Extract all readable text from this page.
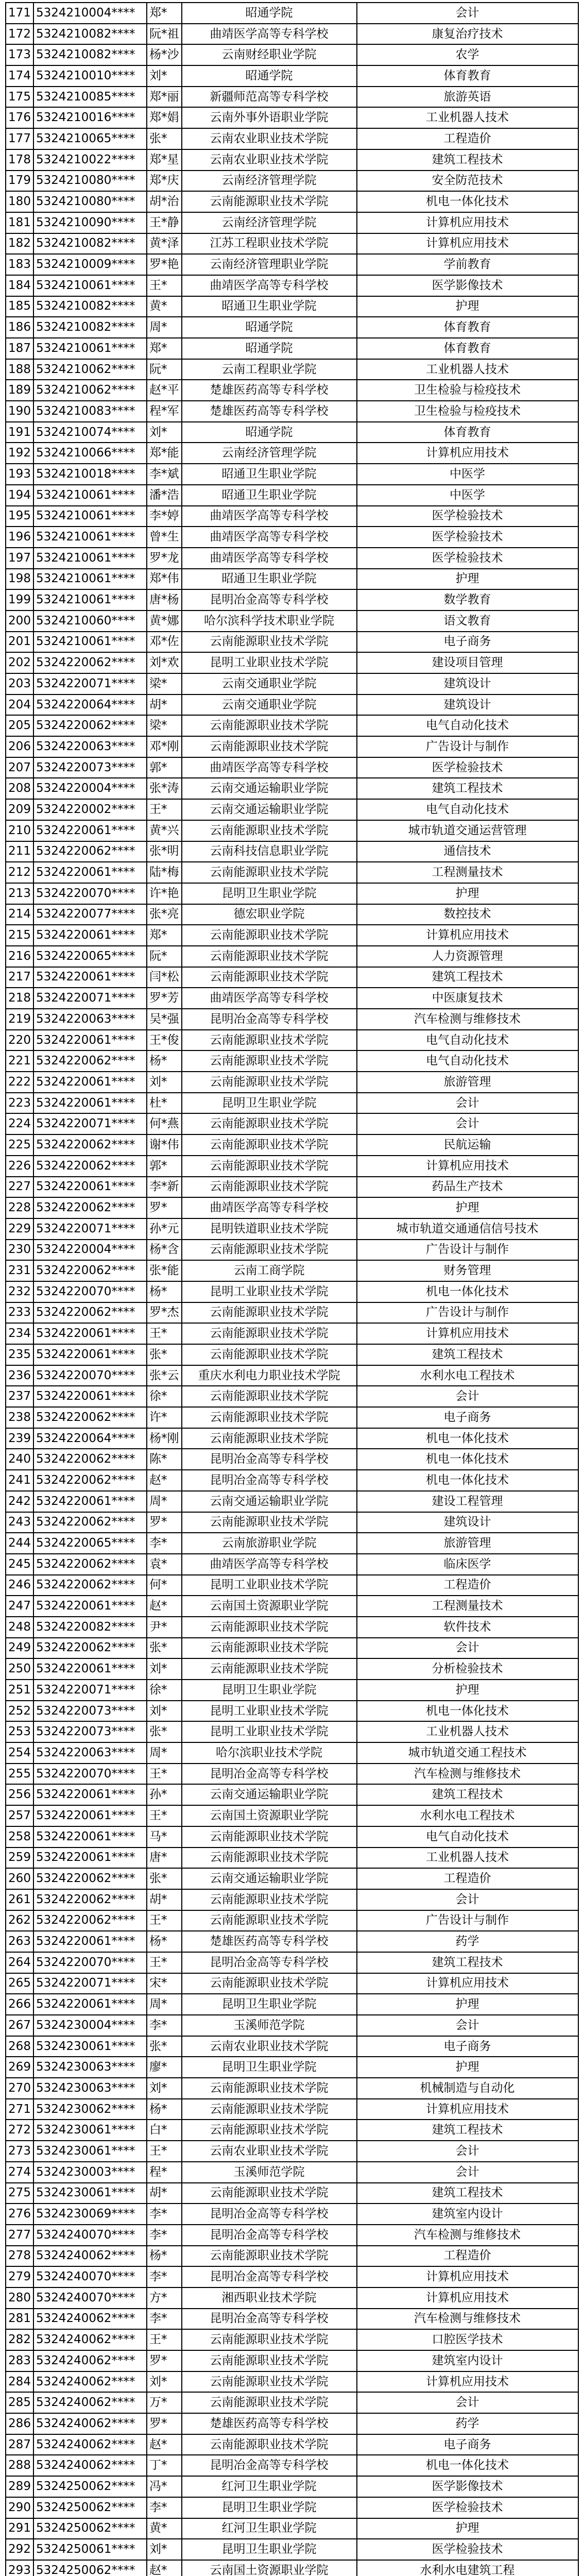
171	5324210004****	郑*	昭通学院	会计
172	5324210082****	阮*祖	曲靖医学高等专科学校	康复治疗技术
173	5324210082****	杨*沙	云南财经职业学院	农学
174	5324210010****	刘*	昭通学院	体育教育
175	5324210085****	郑*丽	新疆师范高等专科学校	旅游英语
176	5324210016****	郑*娟	云南外事外语职业学院	工业机器人技术
177	5324210065****	张*	云南农业职业技术学院	工程造价
178	5324210022****	郑*星	云南农业职业技术学院	建筑工程技术
179	5324210080****	郑*庆	云南经济管理学院	安全防范技术
180	5324210080****	胡*治	云南能源职业技术学院	机电一体化技术
181	5324210090****	王*静	云南经济管理学院	计算机应用技术
182	5324210082****	黄*泽	江苏工程职业技术学院	计算机应用技术
183	5324210009****	罗*艳	云南经济管理职业学院	学前教育
184	5324210061****	王*	曲靖医学高等专科学校	医学影像技术
185	5324210082****	黄*	昭通卫生职业学院	护理
186	5324210082****	周*	昭通学院	体育教育
187	5324210061****	郑*	昭通学院	体育教育
188	5324210062****	阮*	云南工程职业学院	工业机器人技术
189	5324210062****	赵*平	楚雄医药高等专科学校	卫生检验与检疫技术
190	5324210083****	程*军	楚雄医药高等专科学校	卫生检验与检疫技术
191	5324210074****	刘*	昭通学院	体育教育
192	5324210066****	郑*能	云南经济管理学院	计算机应用技术
193	5324210018****	李*斌	昭通卫生职业学院	中医学
194	5324210061****	潘*浩	昭通卫生职业学院	中医学
195	5324210061****	李*婷	曲靖医学高等专科学校	医学检验技术
196	5324210061****	曾*生	曲靖医学高等专科学校	医学检验技术
197	5324210061****	罗*龙	曲靖医学高等专科学校	医学检验技术
198	5324210061****	郑*伟	昭通卫生职业学院	护理
199	5324210061****	唐*杨	昆明冶金高等专科学校	数学教育
200	5324210060****	黄*娜	哈尔滨科学技术职业学院	语文教育
201	5324210061****	邓*佐	云南能源职业技术学院	电子商务
202	5324220062****	刘*欢	昆明工业职业技术学院	建设项目管理
203	5324220071****	梁*	云南交通职业学院	建筑设计
204	5324220064****	胡*	云南交通职业学院	建筑设计
205	5324220062****	梁*	云南能源职业技术学院	电气自动化技术
206	5324220063****	邓*刚	云南能源职业技术学院	广告设计与制作
207	5324220073****	郭*	曲靖医学高等专科学校	医学检验技术
208	5324220004****	张*涛	云南交通运输职业学院	建筑工程技术
209	5324220002****	王*	云南交通运输职业学院	电气自动化技术
210	5324220061****	黄*兴	云南能源职业技术学院	城市轨道交通运营管理
211	5324220062****	张*明	云南科技信息职业学院	通信技术
212	5324220061****	陆*梅	云南能源职业技术学院	工程测量技术
213	5324220070****	许*艳	昆明卫生职业学院	护理
214	5324220077****	张*亮	德宏职业学院	数控技术
215	5324220061****	郑*	云南能源职业技术学院	计算机应用技术
216	5324220065****	阮*	云南能源职业技术学院	人力资源管理
217	5324220061****	闫*松	云南能源职业技术学院	建筑工程技术
218	5324220071****	罗*芳	曲靖医学高等专科学校	中医康复技术
219	5324220063****	吴*强	昆明冶金高等专科学校	汽车检测与维修技术
220	5324220061****	王*俊	云南能源职业技术学院	电气自动化技术
221	5324220062****	杨*	云南能源职业技术学院	电气自动化技术
222	5324220061****	刘*	云南能源职业技术学院	旅游管理
223	5324220061****	杜*	昆明卫生职业学院	会计
224	5324220071****	何*燕	云南能源职业技术学院	会计
225	5324220062****	谢*伟	云南能源职业技术学院	民航运输
226	5324220062****	郭*	云南能源职业技术学院	计算机应用技术
227	5324220061****	李*新	云南能源职业技术学院	药品生产技术
228	5324220062****	罗*	曲靖医学高等专科学校	护理
229	5324220071****	孙*元	昆明铁道职业技术学院	城市轨道交通通信信号技术
230	5324220004****	杨*含	云南能源职业技术学院	广告设计与制作
231	5324220062****	张*能	云南工商学院	财务管理
232	5324220070****	杨*	昆明工业职业技术学院	机电一体化技术
233	5324220062****	罗*杰	云南能源职业技术学院	广告设计与制作
234	5324220061****	王*	云南能源职业技术学院	计算机应用技术
235	5324220061****	张*	云南能源职业技术学院	建筑工程技术
236	5324220070****	张*云	重庆水利电力职业技术学院	水利水电工程技术
237	5324220061****	徐*	云南能源职业技术学院	会计
238	5324220062****	许*	云南能源职业技术学院	电子商务
239	5324220064****	杨*刚	云南能源职业技术学院	机电一体化技术
240	5324220062****	陈*	昆明冶金高等专科学校	机电一体化技术
241	5324220062****	赵*	昆明冶金高等专科学校	机电一体化技术
242	5324220061****	周*	云南交通运输职业学院	建设工程管理
243	5324220062****	罗*	云南能源职业技术学院	建筑设计
244	5324220065****	李*	云南旅游职业学院	旅游管理
245	5324220062****	袁*	曲靖医学高等专科学校	临床医学
246	5324220062****	何*	昆明工业职业技术学院	工程造价
247	5324220061****	赵*	云南国土资源职业学院	工程测量技术
248	5324220082****	尹*	云南能源职业技术学院	软件技术
249	5324220062****	张*	云南能源职业技术学院	会计
250	5324220061****	刘*	云南能源职业技术学院	分析检验技术
251	5324220071****	徐*	昆明卫生职业学院	护理
252	5324220073****	刘*	昆明工业职业技术学院	机电一体化技术
253	5324220073****	张*	昆明工业职业技术学院	工业机器人技术
254	5324220063****	周*	哈尔滨职业技术学院	城市轨道交通工程技术
255	5324220070****	王*	昆明冶金高等专科学校	汽车检测与维修技术
256	5324220061****	孙*	云南交通运输职业学院	建筑工程技术
257	5324220061****	王*	云南国土资源职业学院	水利水电工程技术
258	5324220061****	马*	云南能源职业技术学院	电气自动化技术
259	5324220061****	唐*	云南能源职业技术学院	工业机器人技术
260	5324220062****	张*	云南交通运输职业学院	工程造价
261	5324220062****	胡*	云南能源职业技术学院	会计
262	5324220062****	王*	云南能源职业技术学院	广告设计与制作
263	5324220061****	杨*	楚雄医药高等专科学校	药学
264	5324220070****	王*	昆明冶金高等专科学校	建筑工程技术
265	5324220071****	宋*	云南能源职业技术学院	计算机应用技术
266	5324220061****	周*	昆明卫生职业学院	护理
267	5324230004****	李*	玉溪师范学院	会计
268	5324230061****	张*	云南农业职业技术学院	电子商务
269	5324230063****	廖*	昆明卫生职业学院	护理
270	5324230063****	刘*	云南能源职业技术学院	机械制造与自动化
271	5324230062****	杨*	云南能源职业技术学院	计算机应用技术
272	5324230061****	白*	云南能源职业技术学院	建筑工程技术
273	5324230061****	王*	云南农业职业技术学院	会计
274	5324230003****	程*	玉溪师范学院	会计
275	5324230061****	胡*	云南能源职业技术学院	建筑工程技术
276	5324230069****	李*	昆明冶金高等专科学校	建筑室内设计
277	5324240070****	李*	昆明冶金高等专科学校	汽车检测与维修技术
278	5324240062****	杨*	云南能源职业技术学院	工程造价
279	5324240070****	李*	昆明冶金高等专科学校	计算机应用技术
280	5324240070****	方*	湘西职业技术学院	计算机应用技术
281	5324240062****	李*	昆明冶金高等专科学校	汽车检测与维修技术
282	5324240062****	王*	云南能源职业技术学院	口腔医学技术
283	5324240062****	罗*	云南能源职业技术学院	建筑室内设计
284	5324240062****	刘*	云南能源职业技术学院	计算机应用技术
285	5324240062****	万*	云南能源职业技术学院	会计
286	5324240062****	罗*	楚雄医药高等专科学校	药学
287	5324240062****	赵*	云南能源职业技术学院	电子商务
288	5324240062****	丁*	昆明冶金高等专科学校	机电一体化技术
289	5324250062****	冯*	红河卫生职业学院	医学影像技术
290	5324250062****	李*	昆明卫生职业学院	医学检验技术
291	5324250062****	黄*	红河卫生职业学院	护理
292	5324250061****	刘*	昆明卫生职业学院	医学检验技术
293	5324250062****	赵*	云南国土资源职业学院	水利水电建筑工程
